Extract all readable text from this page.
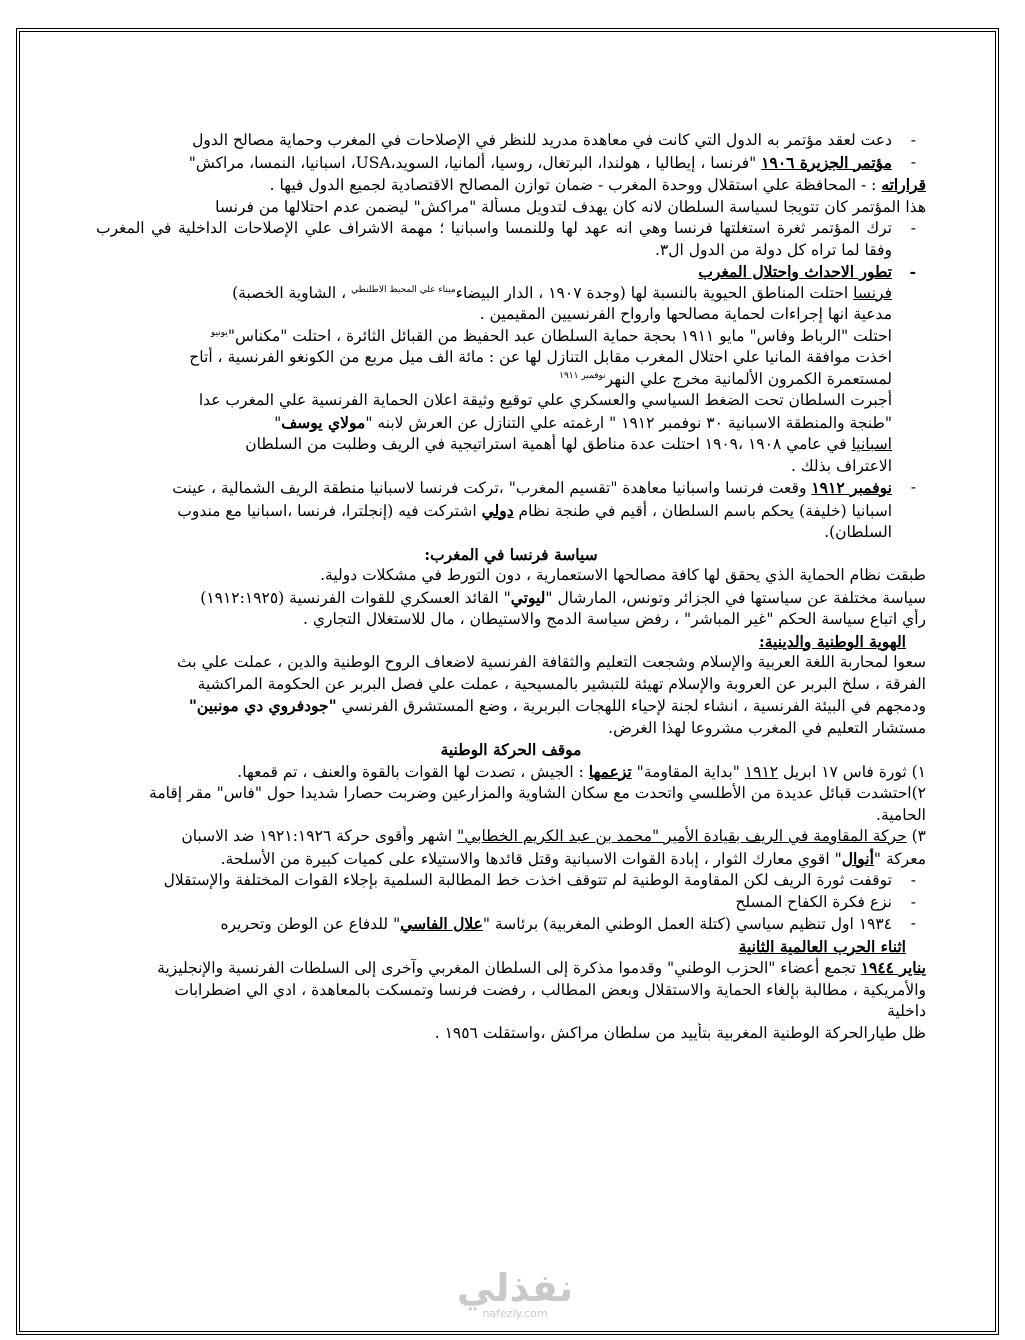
- دعت لعقد مؤتمر به الدول التي كانت في معاهدة مدريد للنظر في الإصلاحات في المغرب وحماية مصالح الدول
- مؤتمر الجزيرة ١٩٠٦ "فرنسا ، إيطاليا ، هولندا، البرتغال، روسيا، ألمانيا، السويد،USA، اسبانيا، النمسا، مراكش"
قراراته : - المحافظة علي استقلال ووحدة المغرب - ضمان توازن المصالح الاقتصادية لجميع الدول فيها .
هذا المؤتمر كان تتويجا لسياسة السلطان لانه كان يهدف لتدويل مسألة "مراكش" ليضمن عدم احتلالها من فرنسا
- ترك المؤتمر ثغرة استغلتها فرنسا وهي انه عهد لها وللنمسا واسبانيا ؛ مهمة الاشراف علي الإصلاحات الداخلية في المغرب وفقا لما تراه كل دولة من الدول ال٣.
- تطور الاحداث واحتلال المغرب
فرنسا احتلت المناطق الحيوية بالنسبة لها (وجدة ١٩٠٧ ، الدار البيضاء$^{ميناء علي المحيط الاطلنطي}$ ، الشاوية الخصبة)
مدعية انها إجراءات لحماية مصالحها وارواح الفرنسيين المقيمين .
احتلت "الرباط وفاس" مايو ١٩١١ بحجة حماية السلطان عبد الحفيظ من القبائل الثائرة ، احتلت "مكناس"$^{يونيو}$
اخذت موافقة المانيا علي احتلال المغرب مقابل التنازل لها عن : مائة الف ميل مربع من الكونغو الفرنسية ، أتاح
لمستعمرة الكمرون الألمانية مخرج علي النهر$^{نوفمبر ١٩١١}$
أجبرت السلطان تحت الضغط السياسي والعسكري علي توقيع وثيقة اعلان الحماية الفرنسية علي المغرب عدا
"طنجة والمنطقة الاسبانية ٣٠ نوفمبر ١٩١٢ " ارغمته علي التنازل عن العرش لابنه "مولاي يوسف"
اسبانيا في عامي ١٩٠٨ ،١٩٠٩ احتلت عدة مناطق لها أهمية استراتيجية في الريف وطلبت من السلطان
الاعتراف بذلك .
- نوفمبر ١٩١٢ وقعت فرنسا واسبانيا معاهدة "تقسيم المغرب" ،تركت فرنسا لاسبانيا منطقة الريف الشمالية ، عينت
اسبانيا (خليفة) يحكم باسم السلطان ، أقيم في طنجة نظام دولي اشتركت فيه (إنجلترا، فرنسا ،اسبانيا مع مندوب
السلطان).
سياسة فرنسا في المغرب:
طبقت نظام الحماية الذي يحقق لها كافة مصالحها الاستعمارية ، دون التورط في مشكلات دولية.
سياسة مختلفة عن سياستها في الجزائر وتونس، المارشال "ليوتي" القائد العسكري للقوات الفرنسية (١٩١٢:١٩٢٥)
رأي اتباع سياسة الحكم "غير المباشر" ، رفض سياسة الدمج والاستيطان ، مال للاستغلال التجاري .
الهوية الوطنية والدينية:
سعوا لمحاربة اللغة العربية والإسلام وشجعت التعليم والثقافة الفرنسية لاضعاف الروح الوطنية والدين ، عملت علي بث
الفرقة ، سلخ البربر عن العروبة والإسلام تهيئة للتبشير بالمسيحية ، عملت علي فصل البربر عن الحكومة المراكشية
ودمجهم في البيئة الفرنسية ، انشاء لجنة لإحياء اللهجات البربرية ، وضع المستشرق الفرنسي "جودفروي دي مونبين"
مستشار التعليم في المغرب مشروعا لهذا الغرض.
موقف الحركة الوطنية
١) ثورة فاس ١٧ ابريل ١٩١٢ "بداية المقاومة" تزعمها : الجيش ، تصدت لها القوات بالقوة والعنف ، تم قمعها.
٢)احتشدت قبائل عديدة من الأطلسي واتحدت مع سكان الشاوية والمزارعين وضربت حصارا شديدا حول "فاس" مقر إقامة
الحامية.
٣) حركة المقاومة في الريف بقيادة الأمير "محمد بن عبد الكريم الخطابي" اشهر وأقوى حركة ١٩٢١:١٩٢٦ ضد الاسبان
معركة "أنوال" اقوي معارك الثوار ، إبادة القوات الاسبانية وقتل قائدها والاستيلاء على كميات كبيرة من الأسلحة.
- توقفت ثورة الريف لكن المقاومة الوطنية لم تتوقف اخذت خط المطالبة السلمية بإجلاء القوات المختلفة والإستقلال
- نزع فكرة الكفاح المسلح
- ١٩٣٤ اول تنظيم سياسي (كتلة العمل الوطني المغربية) برئاسة "علال الفاسي" للدفاع عن الوطن وتحريره
اثناء الحرب العالمية الثانية
يناير ١٩٤٤ تجمع أعضاء "الحزب الوطني" وقدموا مذكرة إلى السلطان المغربي وآخرى إلى السلطات الفرنسية والإنجليزية
والأمريكية ، مطالبة بإلغاء الحماية والاستقلال وبعض المطالب ، رفضت فرنسا وتمسكت بالمعاهدة ، ادي الي اضطرابات
داخلية
ظل طيارالحركة الوطنية المغربية بتأييد من سلطان مراكش ،واستقلت ١٩٥٦ .
نفذلي
nafezly.com
